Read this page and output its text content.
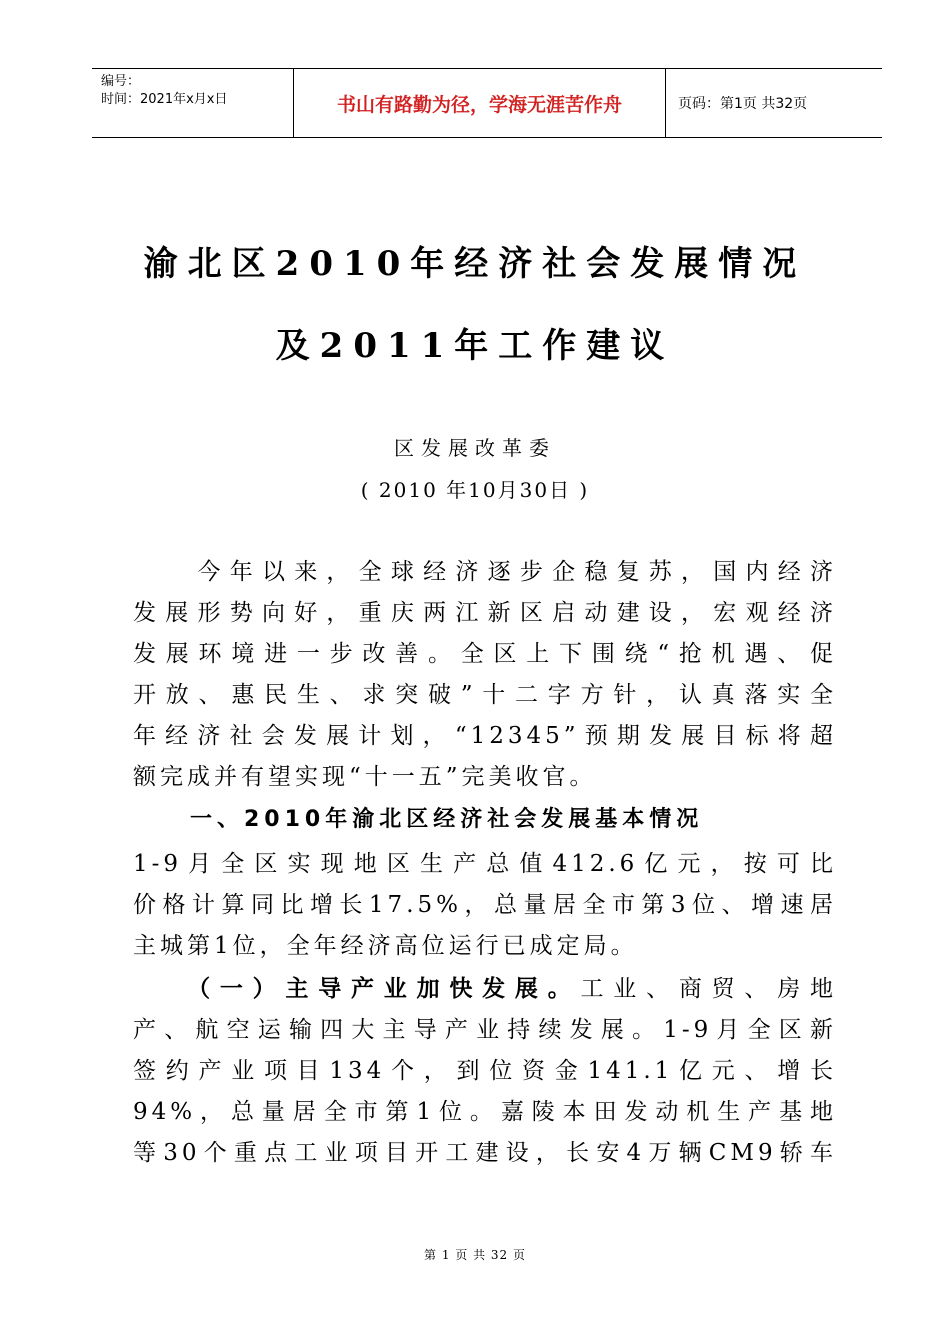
编号：
时间：2021年x月x日	书山有路勤为径，学海无涯苦作舟	页码：第1页 共32页
渝北区2010年经济社会发展情况
及2011年工作建议
区发展改革委
( 2010 年10月30日 )
　　今年以来，全球经济逐步企稳复苏，国内经济
发展形势向好，重庆两江新区启动建设，宏观经济
发展环境进一步改善。全区上下围绕“抢机遇、促
开放、惠民生、求突破”十二字方针，认真落实全
年经济社会发展计划，“12345”预期发展目标将超
额完成并有望实现“十一五”完美收官。
一、2010年渝北区经济社会发展基本情况
1-9月全区实现地区生产总值412.6亿元，按可比
价格计算同比增长17.5%，总量居全市第3位、增速居
主城第1位，全年经济高位运行已成定局。
　　（一）主导产业加快发展。工业、商贸、房地
产、航空运输四大主导产业持续发展。1-9月全区新
签约产业项目134个，到位资金141.1亿元、增长
94%，总量居全市第1位。嘉陵本田发动机生产基地
等30个重点工业项目开工建设，长安4万辆CM9轿车
第 1 页 共 32 页
